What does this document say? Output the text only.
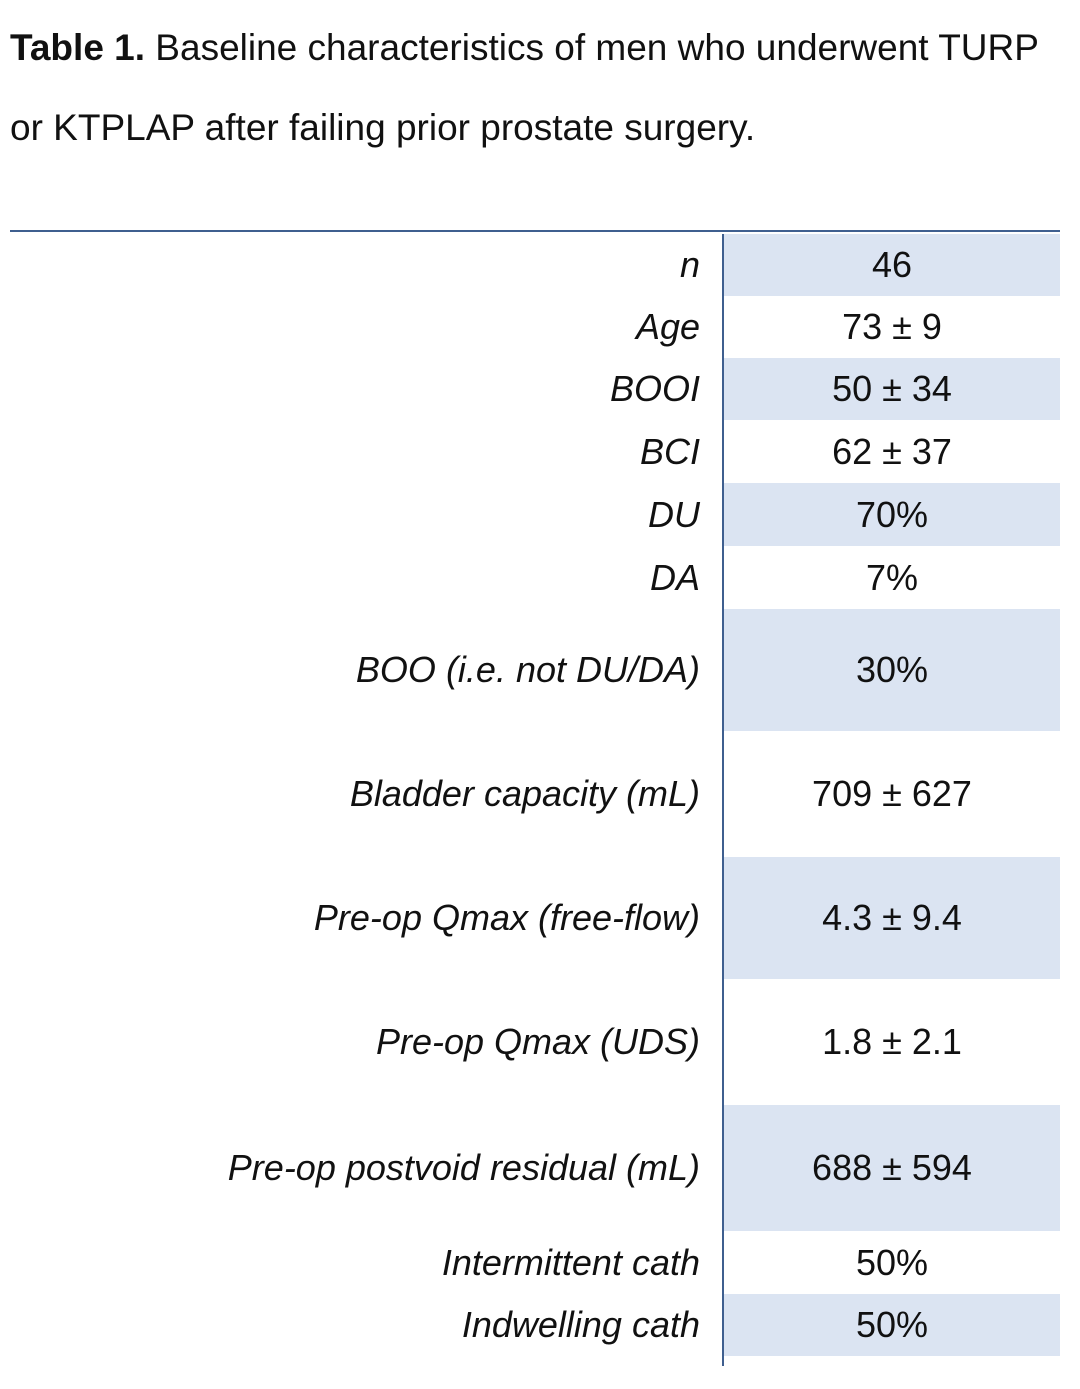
Table 1. Baseline characteristics of men who underwent TURP or KTPLAP after failing prior prostate surgery.
n	46
Age	73 ± 9
BOOI	50 ± 34
BCI	62 ± 37
DU	70%
DA	7%
BOO (i.e. not DU/DA)	30%
Bladder capacity (mL)	709 ± 627
Pre-op Qmax (free-flow)	4.3 ± 9.4
Pre-op Qmax (UDS)	1.8 ± 2.1
Pre-op postvoid residual (mL)	688 ± 594
Intermittent cath	50%
Indwelling cath	50%
